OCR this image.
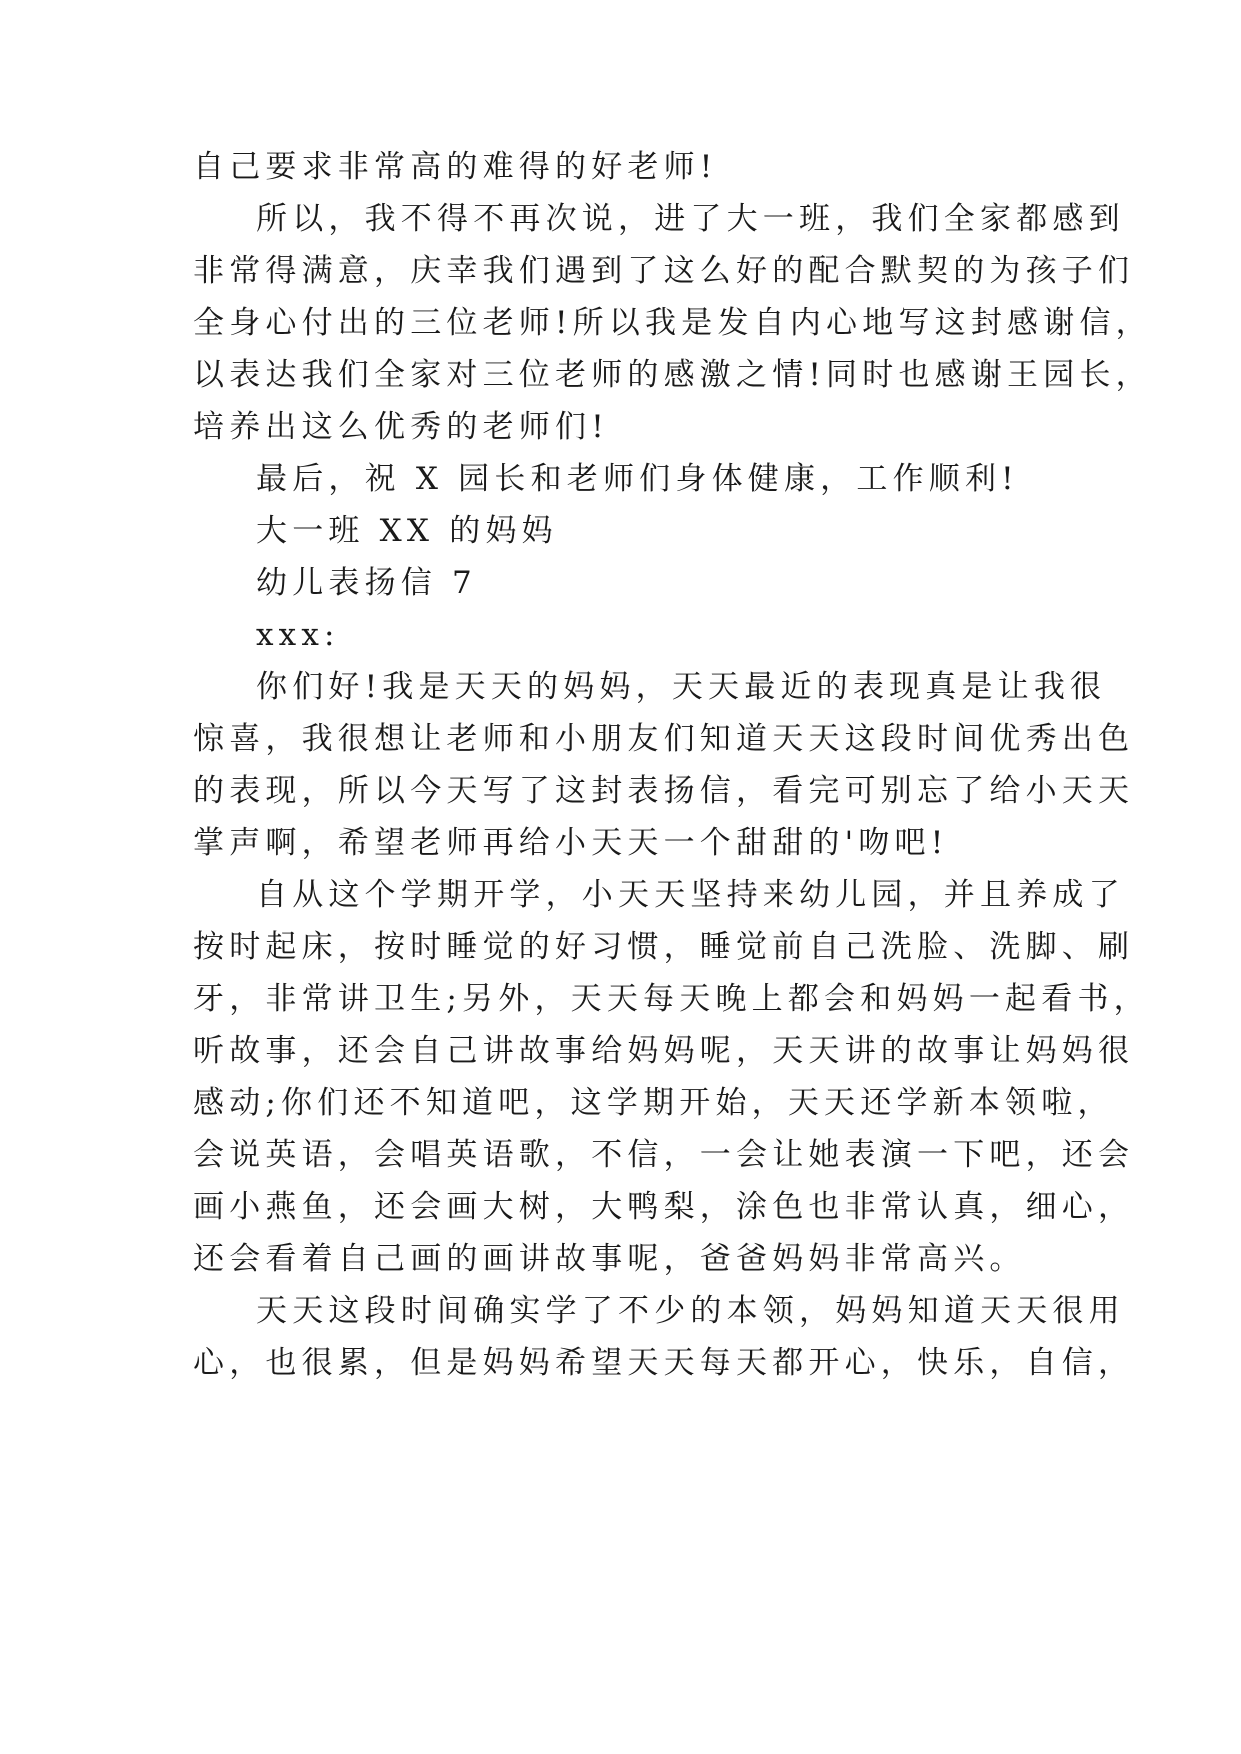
自己要求非常高的难得的好老师!
所以，我不得不再次说，进了大一班，我们全家都感到
非常得满意，庆幸我们遇到了这么好的配合默契的为孩子们
全身心付出的三位老师!所以我是发自内心地写这封感谢信，
以表达我们全家对三位老师的感激之情!同时也感谢王园长，
培养出这么优秀的老师们!
最后，祝 X 园长和老师们身体健康，工作顺利!
大一班 XX 的妈妈
幼儿表扬信 7
xxx:
你们好!我是天天的妈妈，天天最近的表现真是让我很
惊喜，我很想让老师和小朋友们知道天天这段时间优秀出色
的表现，所以今天写了这封表扬信，看完可别忘了给小天天
掌声啊，希望老师再给小天天一个甜甜的'吻吧!
自从这个学期开学，小天天坚持来幼儿园，并且养成了
按时起床，按时睡觉的好习惯，睡觉前自己洗脸、洗脚、刷
牙，非常讲卫生;另外，天天每天晚上都会和妈妈一起看书，
听故事，还会自己讲故事给妈妈呢，天天讲的故事让妈妈很
感动;你们还不知道吧，这学期开始，天天还学新本领啦，
会说英语，会唱英语歌，不信，一会让她表演一下吧，还会
画小燕鱼，还会画大树，大鸭梨，涂色也非常认真，细心，
还会看着自己画的画讲故事呢，爸爸妈妈非常高兴。
天天这段时间确实学了不少的本领，妈妈知道天天很用
心，也很累，但是妈妈希望天天每天都开心，快乐，自信，
